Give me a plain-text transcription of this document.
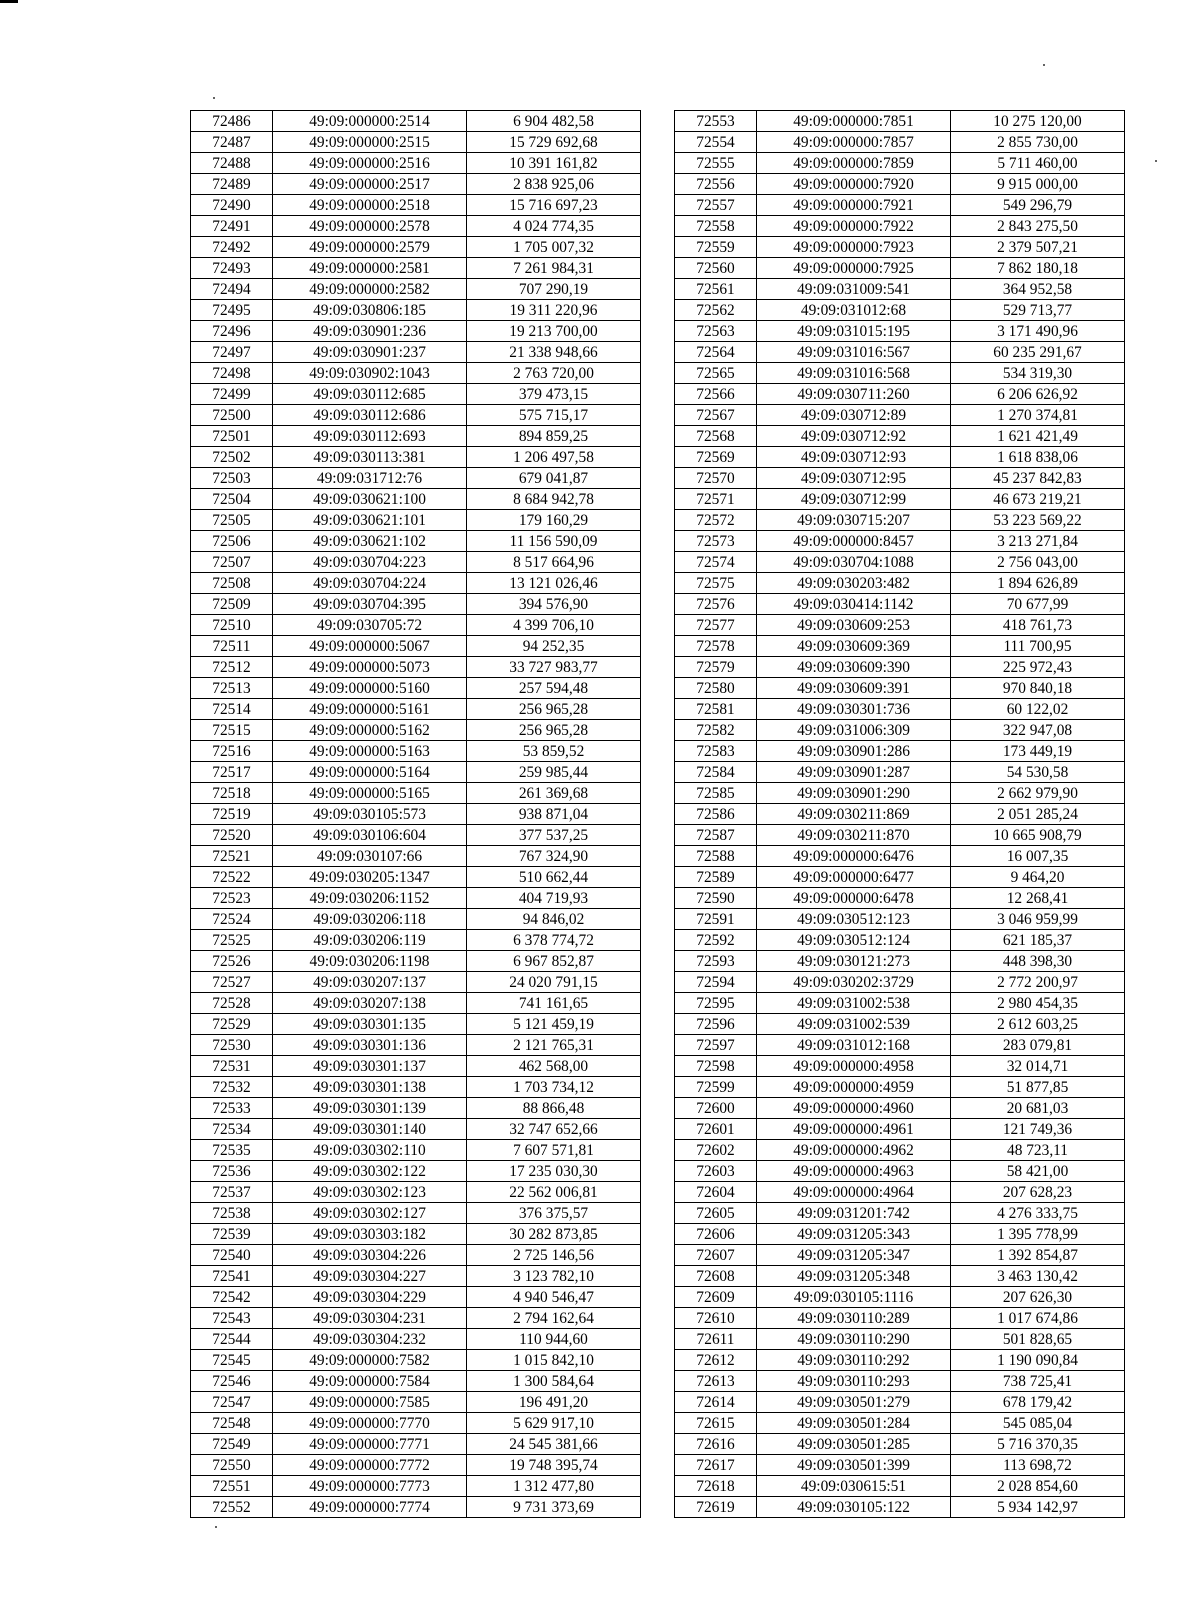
72486	49:09:000000:2514	6 904 482,58
72487	49:09:000000:2515	15 729 692,68
72488	49:09:000000:2516	10 391 161,82
72489	49:09:000000:2517	2 838 925,06
72490	49:09:000000:2518	15 716 697,23
72491	49:09:000000:2578	4 024 774,35
72492	49:09:000000:2579	1 705 007,32
72493	49:09:000000:2581	7 261 984,31
72494	49:09:000000:2582	707 290,19
72495	49:09:030806:185	19 311 220,96
72496	49:09:030901:236	19 213 700,00
72497	49:09:030901:237	21 338 948,66
72498	49:09:030902:1043	2 763 720,00
72499	49:09:030112:685	379 473,15
72500	49:09:030112:686	575 715,17
72501	49:09:030112:693	894 859,25
72502	49:09:030113:381	1 206 497,58
72503	49:09:031712:76	679 041,87
72504	49:09:030621:100	8 684 942,78
72505	49:09:030621:101	179 160,29
72506	49:09:030621:102	11 156 590,09
72507	49:09:030704:223	8 517 664,96
72508	49:09:030704:224	13 121 026,46
72509	49:09:030704:395	394 576,90
72510	49:09:030705:72	4 399 706,10
72511	49:09:000000:5067	94 252,35
72512	49:09:000000:5073	33 727 983,77
72513	49:09:000000:5160	257 594,48
72514	49:09:000000:5161	256 965,28
72515	49:09:000000:5162	256 965,28
72516	49:09:000000:5163	53 859,52
72517	49:09:000000:5164	259 985,44
72518	49:09:000000:5165	261 369,68
72519	49:09:030105:573	938 871,04
72520	49:09:030106:604	377 537,25
72521	49:09:030107:66	767 324,90
72522	49:09:030205:1347	510 662,44
72523	49:09:030206:1152	404 719,93
72524	49:09:030206:118	94 846,02
72525	49:09:030206:119	6 378 774,72
72526	49:09:030206:1198	6 967 852,87
72527	49:09:030207:137	24 020 791,15
72528	49:09:030207:138	741 161,65
72529	49:09:030301:135	5 121 459,19
72530	49:09:030301:136	2 121 765,31
72531	49:09:030301:137	462 568,00
72532	49:09:030301:138	1 703 734,12
72533	49:09:030301:139	88 866,48
72534	49:09:030301:140	32 747 652,66
72535	49:09:030302:110	7 607 571,81
72536	49:09:030302:122	17 235 030,30
72537	49:09:030302:123	22 562 006,81
72538	49:09:030302:127	376 375,57
72539	49:09:030303:182	30 282 873,85
72540	49:09:030304:226	2 725 146,56
72541	49:09:030304:227	3 123 782,10
72542	49:09:030304:229	4 940 546,47
72543	49:09:030304:231	2 794 162,64
72544	49:09:030304:232	110 944,60
72545	49:09:000000:7582	1 015 842,10
72546	49:09:000000:7584	1 300 584,64
72547	49:09:000000:7585	196 491,20
72548	49:09:000000:7770	5 629 917,10
72549	49:09:000000:7771	24 545 381,66
72550	49:09:000000:7772	19 748 395,74
72551	49:09:000000:7773	1 312 477,80
72552	49:09:000000:7774	9 731 373,69
72553	49:09:000000:7851	10 275 120,00
72554	49:09:000000:7857	2 855 730,00
72555	49:09:000000:7859	5 711 460,00
72556	49:09:000000:7920	9 915 000,00
72557	49:09:000000:7921	549 296,79
72558	49:09:000000:7922	2 843 275,50
72559	49:09:000000:7923	2 379 507,21
72560	49:09:000000:7925	7 862 180,18
72561	49:09:031009:541	364 952,58
72562	49:09:031012:68	529 713,77
72563	49:09:031015:195	3 171 490,96
72564	49:09:031016:567	60 235 291,67
72565	49:09:031016:568	534 319,30
72566	49:09:030711:260	6 206 626,92
72567	49:09:030712:89	1 270 374,81
72568	49:09:030712:92	1 621 421,49
72569	49:09:030712:93	1 618 838,06
72570	49:09:030712:95	45 237 842,83
72571	49:09:030712:99	46 673 219,21
72572	49:09:030715:207	53 223 569,22
72573	49:09:000000:8457	3 213 271,84
72574	49:09:030704:1088	2 756 043,00
72575	49:09:030203:482	1 894 626,89
72576	49:09:030414:1142	70 677,99
72577	49:09:030609:253	418 761,73
72578	49:09:030609:369	111 700,95
72579	49:09:030609:390	225 972,43
72580	49:09:030609:391	970 840,18
72581	49:09:030301:736	60 122,02
72582	49:09:031006:309	322 947,08
72583	49:09:030901:286	173 449,19
72584	49:09:030901:287	54 530,58
72585	49:09:030901:290	2 662 979,90
72586	49:09:030211:869	2 051 285,24
72587	49:09:030211:870	10 665 908,79
72588	49:09:000000:6476	16 007,35
72589	49:09:000000:6477	9 464,20
72590	49:09:000000:6478	12 268,41
72591	49:09:030512:123	3 046 959,99
72592	49:09:030512:124	621 185,37
72593	49:09:030121:273	448 398,30
72594	49:09:030202:3729	2 772 200,97
72595	49:09:031002:538	2 980 454,35
72596	49:09:031002:539	2 612 603,25
72597	49:09:031012:168	283 079,81
72598	49:09:000000:4958	32 014,71
72599	49:09:000000:4959	51 877,85
72600	49:09:000000:4960	20 681,03
72601	49:09:000000:4961	121 749,36
72602	49:09:000000:4962	48 723,11
72603	49:09:000000:4963	58 421,00
72604	49:09:000000:4964	207 628,23
72605	49:09:031201:742	4 276 333,75
72606	49:09:031205:343	1 395 778,99
72607	49:09:031205:347	1 392 854,87
72608	49:09:031205:348	3 463 130,42
72609	49:09:030105:1116	207 626,30
72610	49:09:030110:289	1 017 674,86
72611	49:09:030110:290	501 828,65
72612	49:09:030110:292	1 190 090,84
72613	49:09:030110:293	738 725,41
72614	49:09:030501:279	678 179,42
72615	49:09:030501:284	545 085,04
72616	49:09:030501:285	5 716 370,35
72617	49:09:030501:399	113 698,72
72618	49:09:030615:51	2 028 854,60
72619	49:09:030105:122	5 934 142,97
